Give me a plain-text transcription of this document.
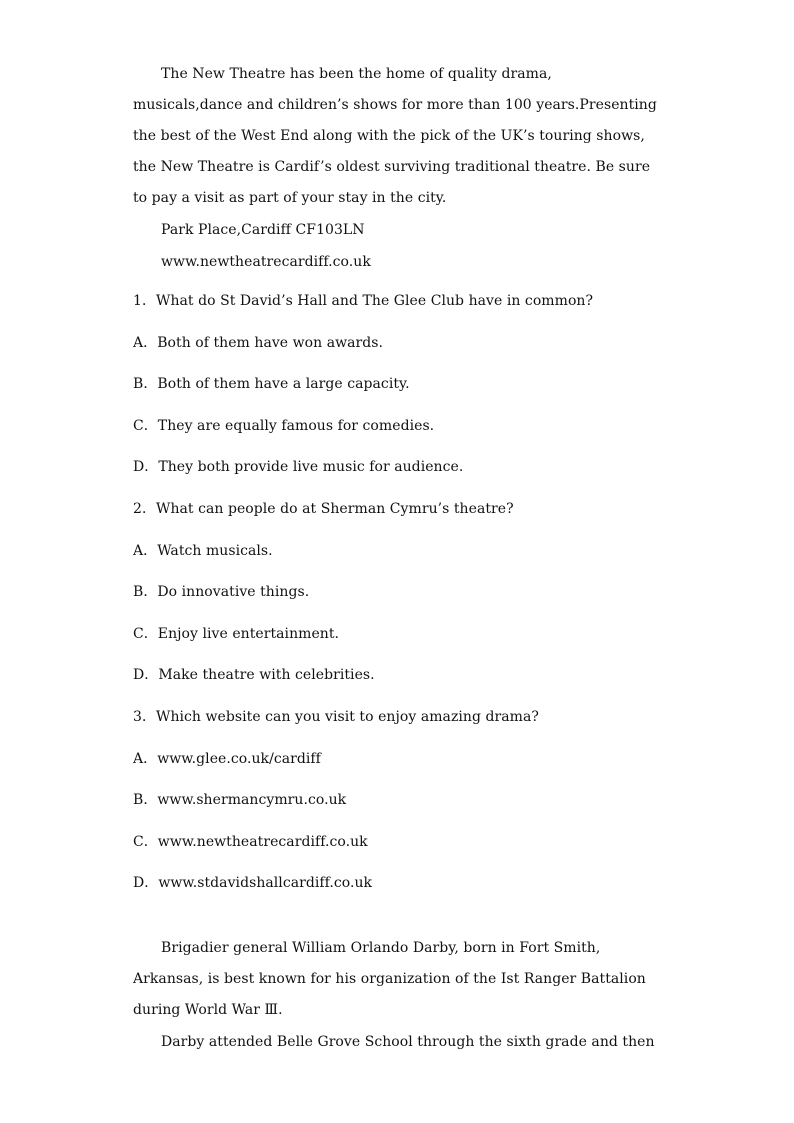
The New Theatre has been the home of quality drama,
musicals,dance and children’s shows for more than 100 years.Presenting
the best of the West End along with the pick of the UK’s touring shows,
the New Theatre is Cardif’s oldest surviving traditional theatre. Be sure
to pay a visit as part of your stay in the city.
Park Place,Cardiff CF103LN
www.newtheatrecardiff.co.uk
1．What do St David’s Hall and The Glee Club have in common?
A．Both of them have won awards.
B．Both of them have a large capacity.
C．They are equally famous for comedies.
D．They both provide live music for audience.
2．What can people do at Sherman Cymru’s theatre?
A．Watch musicals.
B．Do innovative things.
C．Enjoy live entertainment.
D．Make theatre with celebrities.
3．Which website can you visit to enjoy amazing drama?
A．www.glee.co.uk/cardiff
B．www.shermancymru.co.uk
C．www.newtheatrecardiff.co.uk
D．www.stdavidshallcardiff.co.uk
Brigadier general William Orlando Darby, born in Fort Smith,
Arkansas, is best known for his organization of the Ist Ranger Battalion
during World War Ⅲ.
Darby attended Belle Grove School through the sixth grade and then
